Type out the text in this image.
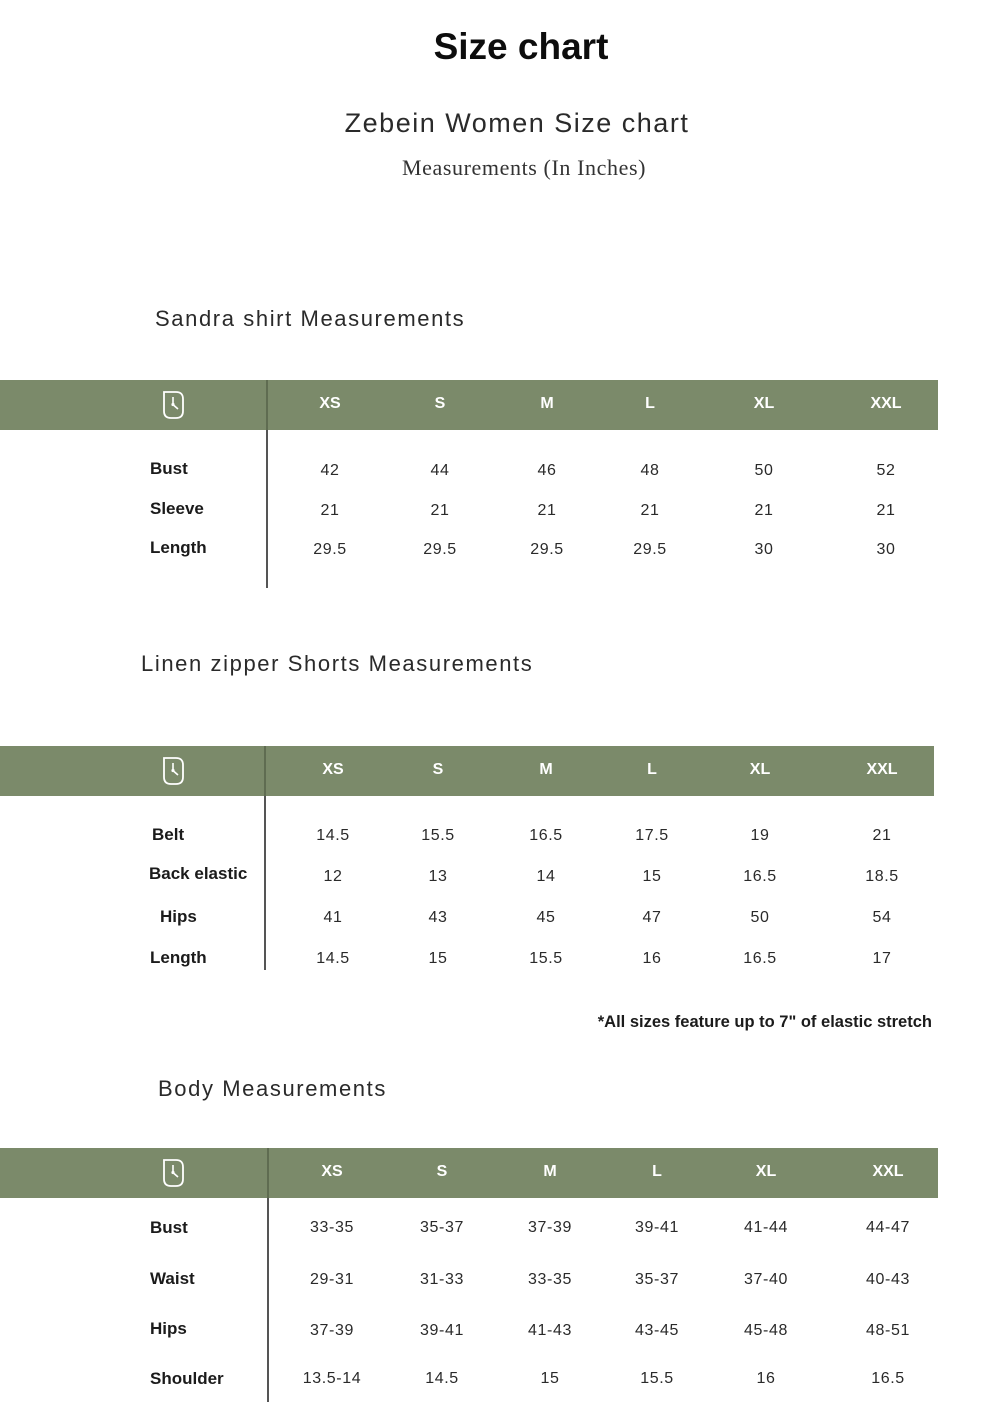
Size chart
Zebein Women Size chart
Measurements (In Inches)
Sandra shirt Measurements
Linen zipper Shorts Measurements
Body Measurements
XS	S	M	L	XL	XXL
Bust	42	44	46	48	50	52
Sleeve	21	21	21	21	21	21
Length	29.5	29.5	29.5	29.5	30	30
XS	S	M	L	XL	XXL
Belt	14.5	15.5	16.5	17.5	19	21
Back elastic	12	13	14	15	16.5	18.5
Hips	41	43	45	47	50	54
Length	14.5	15	15.5	16	16.5	17
XS	S	M	L	XL	XXL
Bust	33-35	35-37	37-39	39-41	41-44	44-47
Waist	29-31	31-33	33-35	35-37	37-40	40-43
Hips	37-39	39-41	41-43	43-45	45-48	48-51
Shoulder	13.5-14	14.5	15	15.5	16	16.5
*All sizes feature up to 7" of elastic stretch
